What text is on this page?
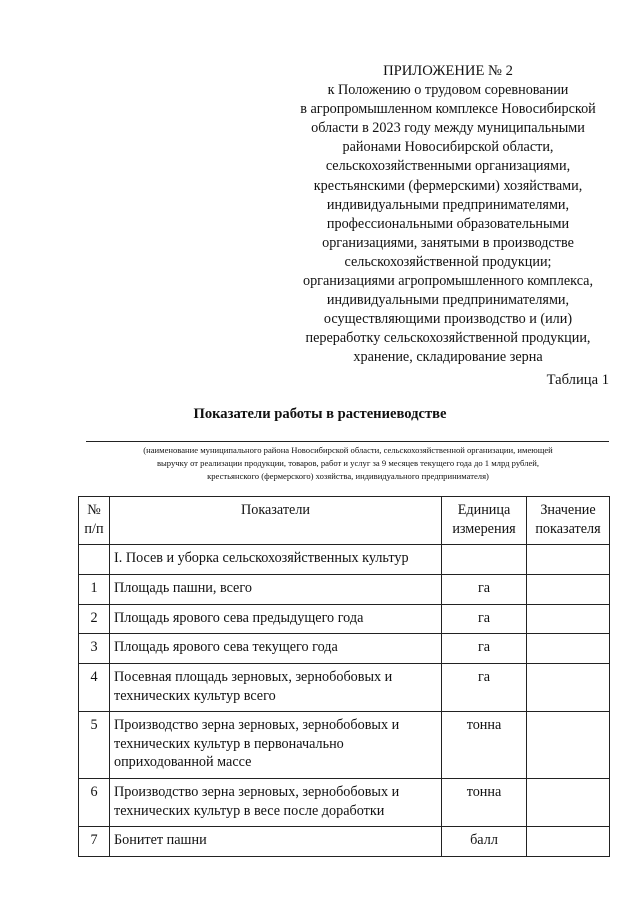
ПРИЛОЖЕНИЕ № 2
к Положению о трудовом соревновании
в агропромышленном комплексе Новосибирской
области в 2023 году между муниципальными
районами Новосибирской области,
сельскохозяйственными организациями,
крестьянскими (фермерскими) хозяйствами,
индивидуальными предпринимателями,
профессиональными образовательными
организациями, занятыми в производстве
сельскохозяйственной продукции;
организациями агропромышленного комплекса,
индивидуальными предпринимателями,
осуществляющими производство и (или)
переработку сельскохозяйственной продукции,
хранение, складирование зерна
Таблица 1
Показатели работы в растениеводстве
(наименование муниципального района Новосибирской области, сельскохозяйственной организации, имеющей
выручку от реализации продукции, товаров, работ и услуг за 9 месяцев текущего года до 1 млрд рублей,
крестьянского (фермерского) хозяйства, индивидуального предпринимателя)
№ п/п	Показатели	Единица измерения	Значение показателя
	I. Посев и уборка сельскохозяйственных культур		
1	Площадь пашни, всего	га	
2	Площадь ярового сева предыдущего года	га	
3	Площадь ярового сева текущего года	га	
4	Посевная площадь зерновых, зернобобовых и технических культур всего	га	
5	Производство зерна зерновых, зернобобовых и технических культур в первоначально оприходованной массе	тонна	
6	Производство зерна зерновых, зернобобовых и технических культур в весе после доработки	тонна	
7	Бонитет пашни	балл	
